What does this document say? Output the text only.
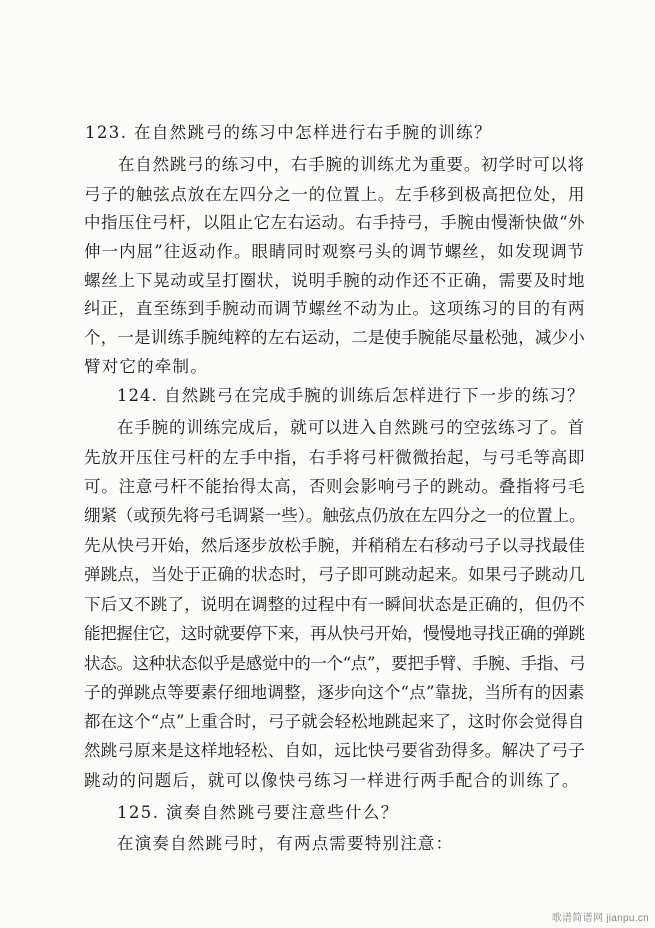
123. 在自然跳弓的练习中怎样进行右手腕的训练？
在自然跳弓的练习中，右手腕的训练尤为重要。初学时可以将
弓子的触弦点放在左四分之一的位置上。左手移到极高把位处，用
中指压住弓杆，以阻止它左右运动。右手持弓，手腕由慢渐快做“外
伸一内屈”往返动作。眼睛同时观察弓头的调节螺丝，如发现调节
螺丝上下晃动或呈打圈状，说明手腕的动作还不正确，需要及时地
纠正，直至练到手腕动而调节螺丝不动为止。这项练习的目的有两
个，一是训练手腕纯粹的左右运动，二是使手腕能尽量松弛，减少小
臂对它的牵制。
124. 自然跳弓在完成手腕的训练后怎样进行下一步的练习？
在手腕的训练完成后，就可以进入自然跳弓的空弦练习了。首
先放开压住弓杆的左手中指，右手将弓杆微微抬起，与弓毛等高即
可。注意弓杆不能抬得太高，否则会影响弓子的跳动。叠指将弓毛
绷紧（或预先将弓毛调紧一些）。触弦点仍放在左四分之一的位置上。
先从快弓开始，然后逐步放松手腕，并稍稍左右移动弓子以寻找最佳
弹跳点，当处于正确的状态时，弓子即可跳动起来。如果弓子跳动几
下后又不跳了，说明在调整的过程中有一瞬间状态是正确的，但仍不
能把握住它，这时就要停下来，再从快弓开始，慢慢地寻找正确的弹跳
状态。这种状态似乎是感觉中的一个“点”，要把手臂、手腕、手指、弓
子的弹跳点等要素仔细地调整，逐步向这个“点”靠拢，当所有的因素
都在这个“点”上重合时，弓子就会轻松地跳起来了，这时你会觉得自
然跳弓原来是这样地轻松、自如，远比快弓要省劲得多。解决了弓子
跳动的问题后，就可以像快弓练习一样进行两手配合的训练了。
125. 演奏自然跳弓要注意些什么？
在演奏自然跳弓时，有两点需要特别注意：
歌谱简谱网 jianpu.cn
